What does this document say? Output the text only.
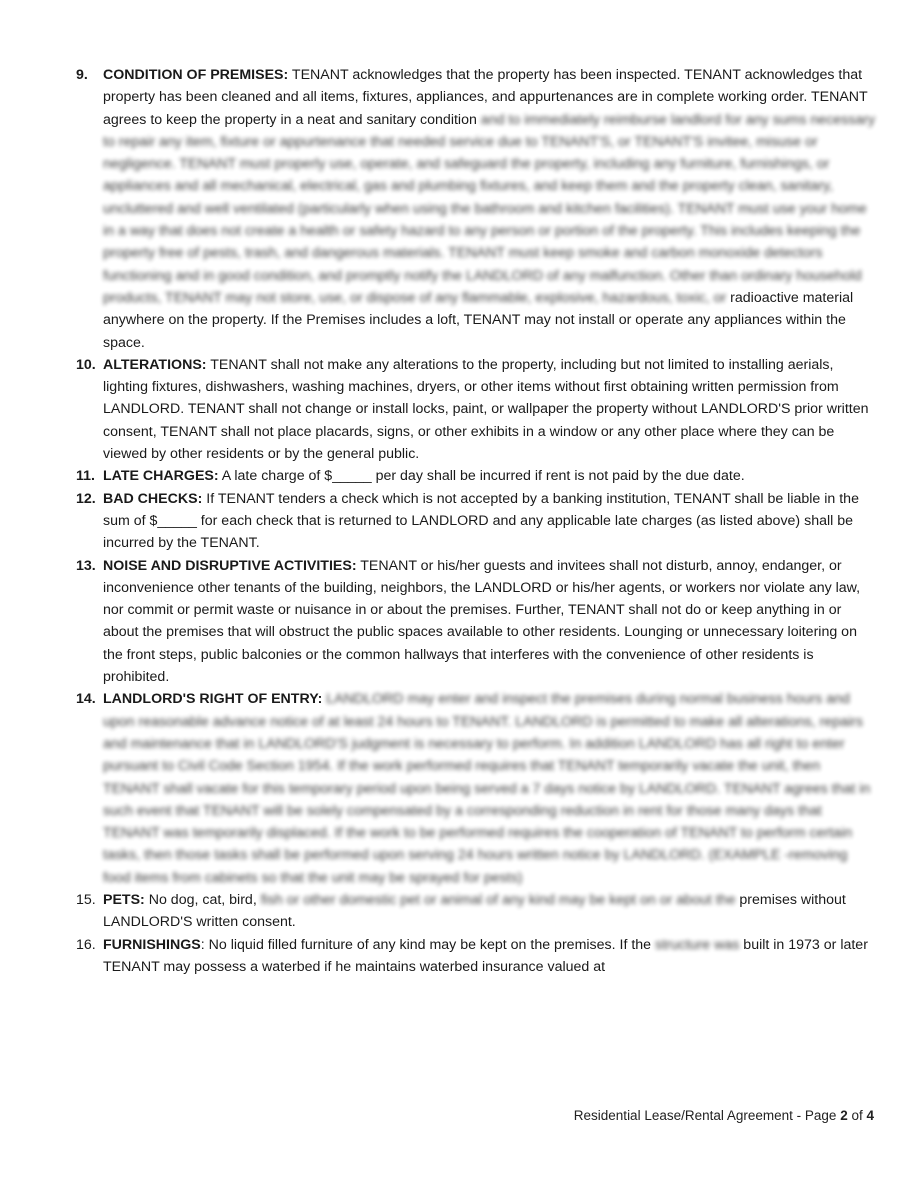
9. CONDITION OF PREMISES: TENANT acknowledges that the property has been inspected. TENANT acknowledges that property has been cleaned and all items, fixtures, appliances, and appurtenances are in complete working order. TENANT agrees to keep the property in a neat and sanitary condition and to immediately reimburse landlord for any sums necessary to repair any item, fixture or appurtenance that needed service due to TENANT'S, or TENANT'S invitee, misuse or negligence. TENANT must properly use, operate, and safeguard the property, including any furniture, furnishings, or appliances and all mechanical, electrical, gas and plumbing fixtures, and keep them and the property clean, sanitary, uncluttered and well ventilated (particularly when using the bathroom and kitchen facilities). TENANT must use your home in a way that does not create a health or safety hazard to any person or portion of the property. This includes keeping the property free of pests, trash, and dangerous materials. TENANT must keep smoke and carbon monoxide detectors functioning and in good condition, and promptly notify the LANDLORD of any malfunction. Other than ordinary household products, TENANT may not store, use, or dispose of any flammable, explosive, hazardous, toxic, or radioactive material anywhere on the property. If the Premises includes a loft, TENANT may not install or operate any appliances within the space.
10. ALTERATIONS: TENANT shall not make any alterations to the property, including but not limited to installing aerials, lighting fixtures, dishwashers, washing machines, dryers, or other items without first obtaining written permission from LANDLORD. TENANT shall not change or install locks, paint, or wallpaper the property without LANDLORD'S prior written consent, TENANT shall not place placards, signs, or other exhibits in a window or any other place where they can be viewed by other residents or by the general public.
11. LATE CHARGES: A late charge of $_____ per day shall be incurred if rent is not paid by the due date.
12. BAD CHECKS: If TENANT tenders a check which is not accepted by a banking institution, TENANT shall be liable in the sum of $_____ for each check that is returned to LANDLORD and any applicable late charges (as listed above) shall be incurred by the TENANT.
13. NOISE AND DISRUPTIVE ACTIVITIES: TENANT or his/her guests and invitees shall not disturb, annoy, endanger, or inconvenience other tenants of the building, neighbors, the LANDLORD or his/her agents, or workers nor violate any law, nor commit or permit waste or nuisance in or about the premises. Further, TENANT shall not do or keep anything in or about the premises that will obstruct the public spaces available to other residents. Lounging or unnecessary loitering on the front steps, public balconies or the common hallways that interferes with the convenience of other residents is prohibited.
14. LANDLORD'S RIGHT OF ENTRY: LANDLORD may enter and inspect the premises during normal business hours and upon reasonable advance notice of at least 24 hours to TENANT. LANDLORD is permitted to make all alterations, repairs and maintenance that in LANDLORD'S judgment is necessary to perform. In addition LANDLORD has all right to enter pursuant to Civil Code Section 1954. If the work performed requires that TENANT temporarily vacate the unit, then TENANT shall vacate for this temporary period upon being served a 7 days notice by LANDLORD. TENANT agrees that in such event that TENANT will be solely compensated by a corresponding reduction in rent for those many days that TENANT was temporarily displaced. If the work to be performed requires the cooperation of TENANT to perform certain tasks, then those tasks shall be performed upon serving 24 hours written notice by LANDLORD. (EXAMPLE -removing food items from cabinets so that the unit may be sprayed for pests)
15. PETS: No dog, cat, bird, fish or other domestic pet or animal of any kind may be kept on or about the premises without LANDLORD'S written consent.
16. FURNISHINGS: No liquid filled furniture of any kind may be kept on the premises. If the structure was built in 1973 or later TENANT may possess a waterbed if he maintains waterbed insurance valued at
Residential Lease/Rental Agreement - Page 2 of 4
